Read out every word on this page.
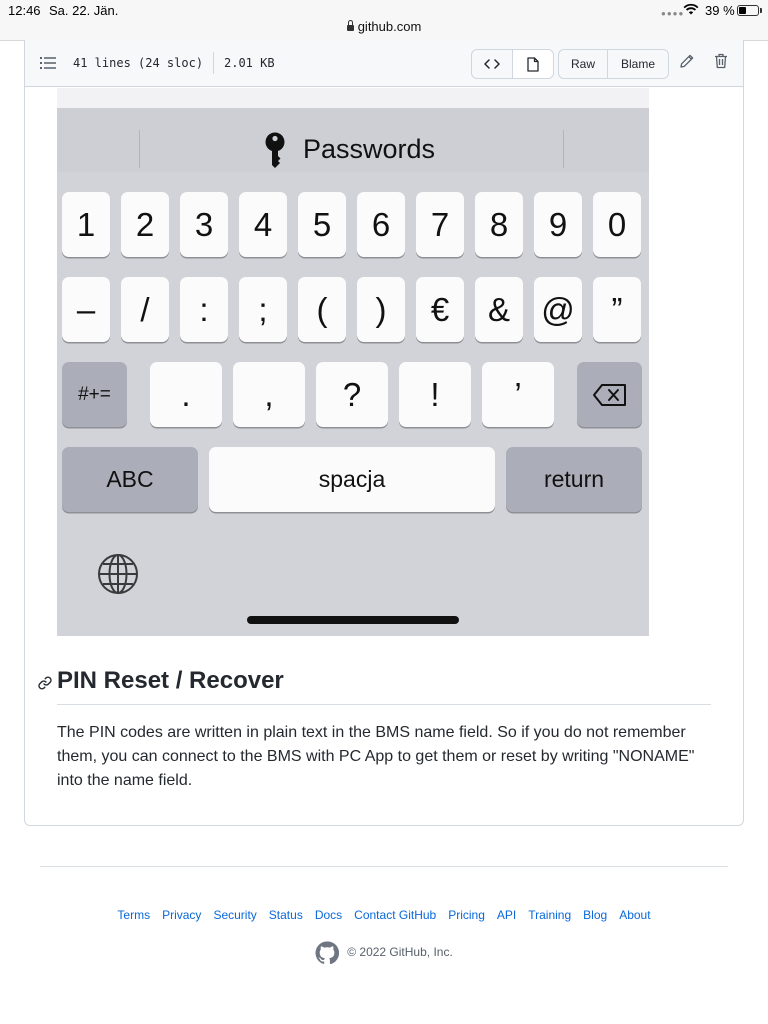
12:46 Sa. 22. Jän.
github.com
●●●● 39 %
41 lines (24 sloc) 2.01 KB	Raw	Blame
Passwords
#+=
ABC	spacja	return
1	2	3	4	5	6	7	8	9	0
–	/	:	;	(	)	€	& @	”
.	,	?	!	’
PIN Reset / Recover

The PIN codes are written in plain text in the BMS name field. So if you do not remember them, you can connect to the BMS with PC App to get them or reset by writing "NONAME" into the name field.

Terms Privacy Security Status Docs Contact GitHub Pricing API Training Blog About
© 2022 GitHub, Inc.
